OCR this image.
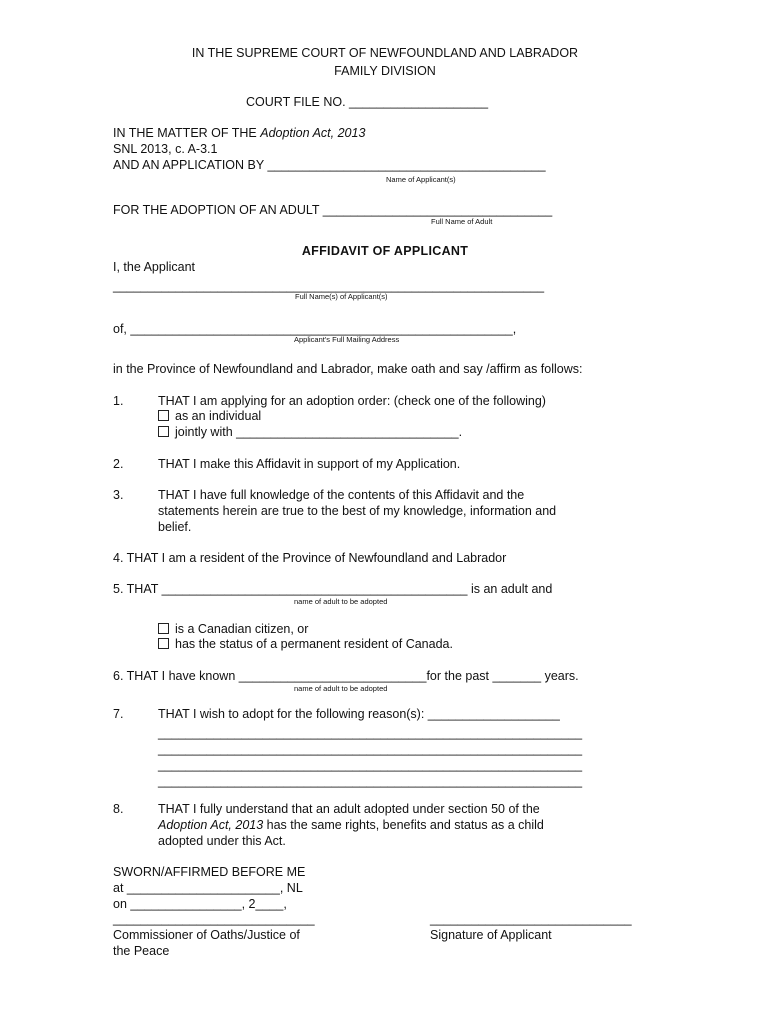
IN THE SUPREME COURT OF NEWFOUNDLAND AND LABRADOR
FAMILY DIVISION
COURT FILE NO. ____________________
IN THE MATTER OF THE Adoption Act, 2013
SNL 2013, c. A-3.1
AND AN APPLICATION BY ________________________________________
Name of Applicant(s)
FOR THE ADOPTION OF AN ADULT _________________________________
Full Name of Adult
AFFIDAVIT OF APPLICANT
I, the Applicant
______________________________________________________________
Full Name(s) of Applicant(s)
of, _______________________________________________________,
Applicant's Full Mailing Address
in the Province of Newfoundland and Labrador, make oath and say /affirm as follows:
1.	THAT I am applying for an adoption order: (check one of the following)
as an individual
jointly with ________________________________.
2.	THAT I make this Affidavit in support of my Application.
3.	THAT I have full knowledge of the contents of this Affidavit and the
statements herein are true to the best of my knowledge, information and
belief.
4. THAT I am a resident of the Province of Newfoundland and Labrador
5. THAT ____________________________________________ is an adult and
name of adult to be adopted
is a Canadian citizen, or
has the status of a permanent resident of Canada.
6. THAT I have known ___________________________for the past _______ years.
name of adult to be adopted
7.	THAT I wish to adopt for the following reason(s): ___________________
_____________________________________________________________
_____________________________________________________________
_____________________________________________________________
_____________________________________________________________
8.	THAT I fully understand that an adult adopted under section 50 of the
Adoption Act, 2013 has the same rights, benefits and status as a child
adopted under this Act.
SWORN/AFFIRMED BEFORE ME
at ______________________, NL
on ________________, 2____,
_____________________________
Commissioner of Oaths/Justice of
the Peace
_____________________________
Signature of Applicant
